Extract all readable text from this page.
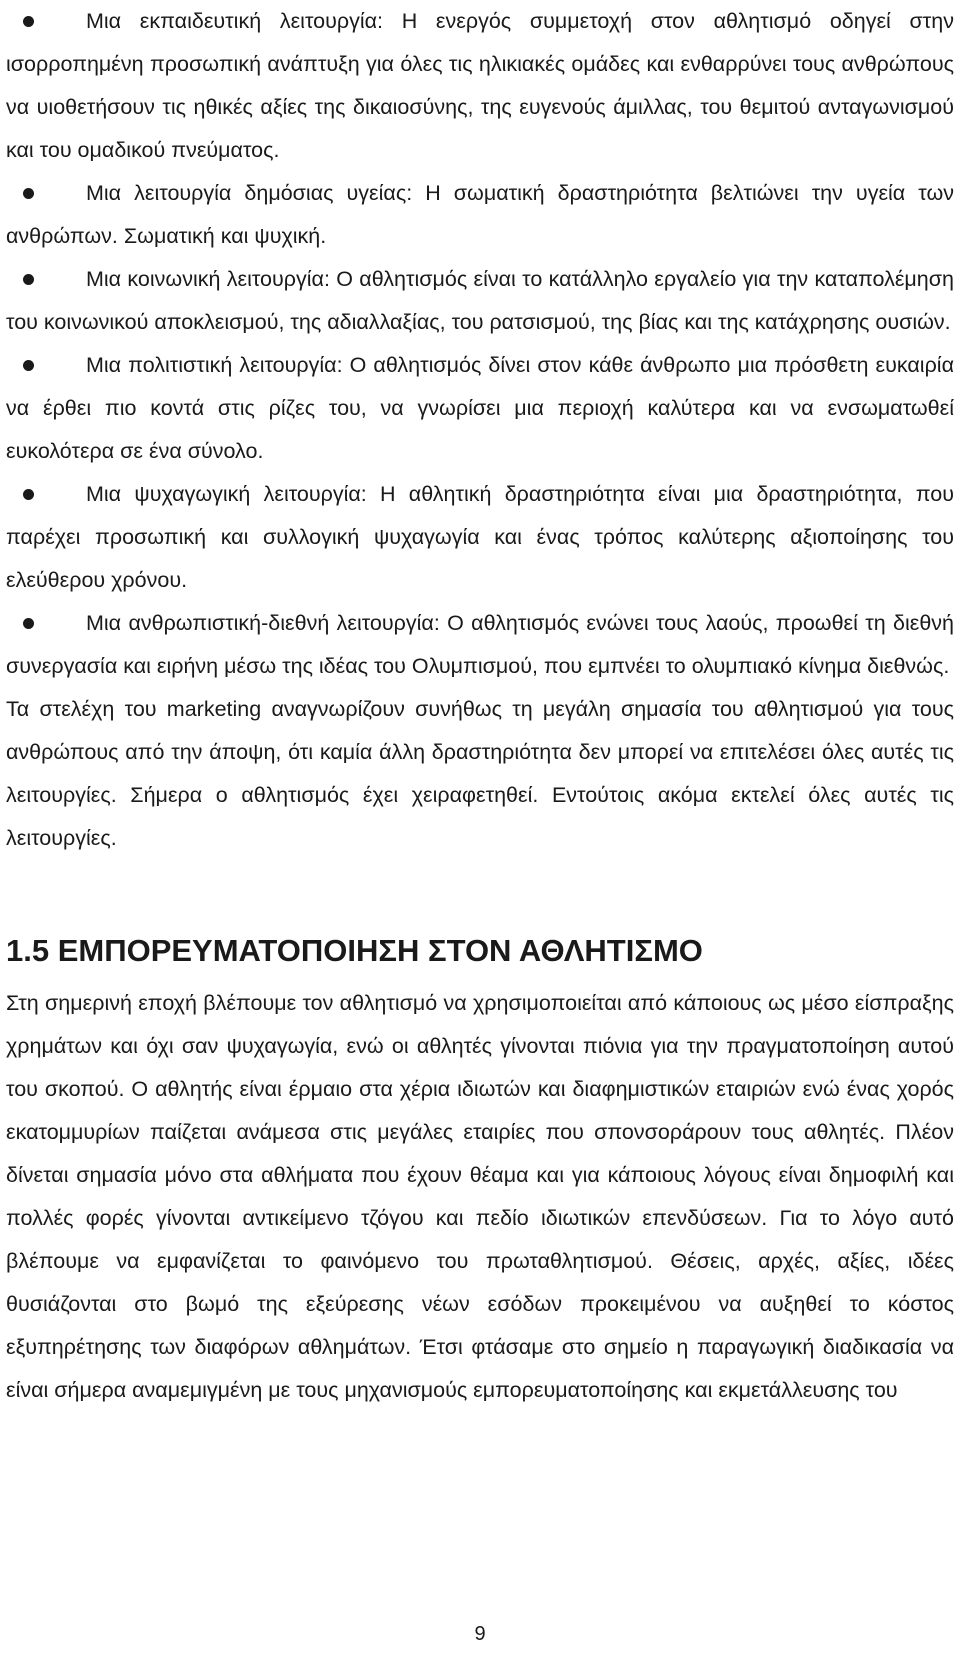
Μια εκπαιδευτική λειτουργία: Η ενεργός συμμετοχή στον αθλητισμό οδηγεί στην ισορροπημένη προσωπική ανάπτυξη για όλες τις ηλικιακές ομάδες και ενθαρρύνει τους ανθρώπους να υιοθετήσουν τις ηθικές αξίες της δικαιοσύνης, της ευγενούς άμιλλας, του θεμιτού ανταγωνισμού και του ομαδικού πνεύματος.

Μια λειτουργία δημόσιας υγείας: Η σωματική δραστηριότητα βελτιώνει την υγεία των ανθρώπων. Σωματική και ψυχική.

Μια κοινωνική λειτουργία: Ο αθλητισμός είναι το κατάλληλο εργαλείο για την καταπολέμηση του κοινωνικού αποκλεισμού, της αδιαλλαξίας, του ρατσισμού, της βίας και της κατάχρησης ουσιών.

Μια πολιτιστική λειτουργία: Ο αθλητισμός δίνει στον κάθε άνθρωπο μια πρόσθετη ευκαιρία να έρθει πιο κοντά στις ρίζες του, να γνωρίσει μια περιοχή καλύτερα και να ενσωματωθεί ευκολότερα σε ένα σύνολο.

Μια ψυχαγωγική λειτουργία: Η αθλητική δραστηριότητα είναι μια δραστηριότητα, που παρέχει προσωπική και συλλογική ψυχαγωγία και ένας τρόπος καλύτερης αξιοποίησης του ελεύθερου χρόνου.

Μια ανθρωπιστική-διεθνή λειτουργία: Ο αθλητισμός ενώνει τους λαούς, προωθεί τη διεθνή συνεργασία και ειρήνη μέσω της ιδέας του Ολυμπισμού, που εμπνέει το ολυμπιακό κίνημα διεθνώς.

Τα στελέχη του marketing αναγνωρίζουν συνήθως τη μεγάλη σημασία του αθλητισμού για τους ανθρώπους από την άποψη, ότι καμία άλλη δραστηριότητα δεν μπορεί να επιτελέσει όλες αυτές τις λειτουργίες. Σήμερα ο αθλητισμός έχει χειραφετηθεί. Εντούτοις ακόμα εκτελεί όλες αυτές τις λειτουργίες.

1.5 ΕΜΠΟΡΕΥΜΑΤΟΠΟΙΗΣΗ ΣΤΟΝ ΑΘΛΗΤΙΣΜΟ

Στη σημερινή εποχή βλέπουμε τον αθλητισμό να χρησιμοποιείται από κάποιους ως μέσο είσπραξης χρημάτων και όχι σαν ψυχαγωγία, ενώ οι αθλητές γίνονται πιόνια για την πραγματοποίηση αυτού του σκοπού. Ο αθλητής είναι έρμαιο στα χέρια ιδιωτών και διαφημιστικών εταιριών ενώ ένας χορός εκατομμυρίων παίζεται ανάμεσα στις μεγάλες εταιρίες που σπονσοράρουν τους αθλητές. Πλέον δίνεται σημασία μόνο στα αθλήματα που έχουν θέαμα και για κάποιους λόγους είναι δημοφιλή και πολλές φορές γίνονται αντικείμενο τζόγου και πεδίο ιδιωτικών επενδύσεων. Για το λόγο αυτό βλέπουμε να εμφανίζεται το φαινόμενο του πρωταθλητισμού. Θέσεις, αρχές, αξίες, ιδέες θυσιάζονται στο βωμό της εξεύρεσης νέων εσόδων προκειμένου να αυξηθεί το κόστος εξυπηρέτησης των διαφόρων αθλημάτων. Έτσι φτάσαμε στο σημείο η παραγωγική διαδικασία να είναι σήμερα αναμεμιγμένη με τους μηχανισμούς εμπορευματοποίησης και εκμετάλλευσης του

9
